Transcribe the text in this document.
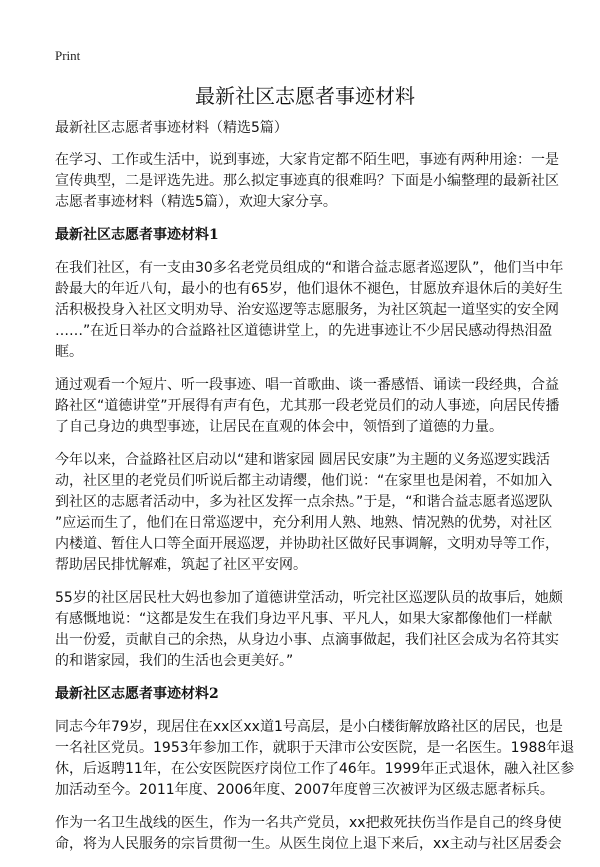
Print
最新社区志愿者事迹材料
最新社区志愿者事迹材料（精选5篇）
在学习、工作或生活中，说到事迹，大家肯定都不陌生吧，事迹有两种用途：一是
宣传典型，二是评选先进。那么拟定事迹真的很难吗？下面是小编整理的最新社区
志愿者事迹材料（精选5篇），欢迎大家分享。
最新社区志愿者事迹材料1
在我们社区，有一支由30多名老党员组成的“和谐合益志愿者巡逻队”，他们当中年
龄最大的年近八旬，最小的也有65岁，他们退休不褪色，甘愿放弃退休后的美好生
活积极投身入社区文明劝导、治安巡逻等志愿服务，为社区筑起一道坚实的安全网
……”在近日举办的合益路社区道德讲堂上，的先进事迹让不少居民感动得热泪盈
眶。
通过观看一个短片、听一段事迹、唱一首歌曲、谈一番感悟、诵读一段经典，合益
路社区“道德讲堂”开展得有声有色，尤其那一段老党员们的动人事迹，向居民传播
了自己身边的典型事迹，让居民在直观的体会中，领悟到了道德的力量。
今年以来，合益路社区启动以“建和谐家园 圆居民安康”为主题的义务巡逻实践活
动，社区里的老党员们听说后都主动请缨，他们说：“在家里也是闲着，不如加入
到社区的志愿者活动中，多为社区发挥一点余热。”于是，“和谐合益志愿者巡逻队
”应运而生了，他们在日常巡逻中，充分利用人熟、地熟、情况熟的优势，对社区
内楼道、暂住人口等全面开展巡逻，并协助社区做好民事调解，文明劝导等工作，
帮助居民排忧解难，筑起了社区平安网。
55岁的社区居民杜大妈也参加了道德讲堂活动，听完社区巡逻队员的故事后，她颇
有感慨地说：“这都是发生在我们身边平凡事、平凡人，如果大家都像他们一样献
出一份爱，贡献自己的余热，从身边小事、点滴事做起，我们社区会成为名符其实
的和谐家园，我们的生活也会更美好。”
最新社区志愿者事迹材料2
同志今年79岁，现居住在xx区xx道1号高层，是小白楼街解放路社区的居民，也是
一名社区党员。1953年参加工作，就职于天津市公安医院，是一名医生。1988年退
休，后返聘11年，在公安医院医疗岗位工作了46年。1999年正式退休，融入社区参
加活动至今。2011年度、2006年度、2007年度曾三次被评为区级志愿者标兵。
作为一名卫生战线的医生，作为一名共产党员，xx把救死扶伤当作是自己的终身使
命，将为人民服务的宗旨贯彻一生。从医生岗位上退下来后，xx主动与社区居委会
